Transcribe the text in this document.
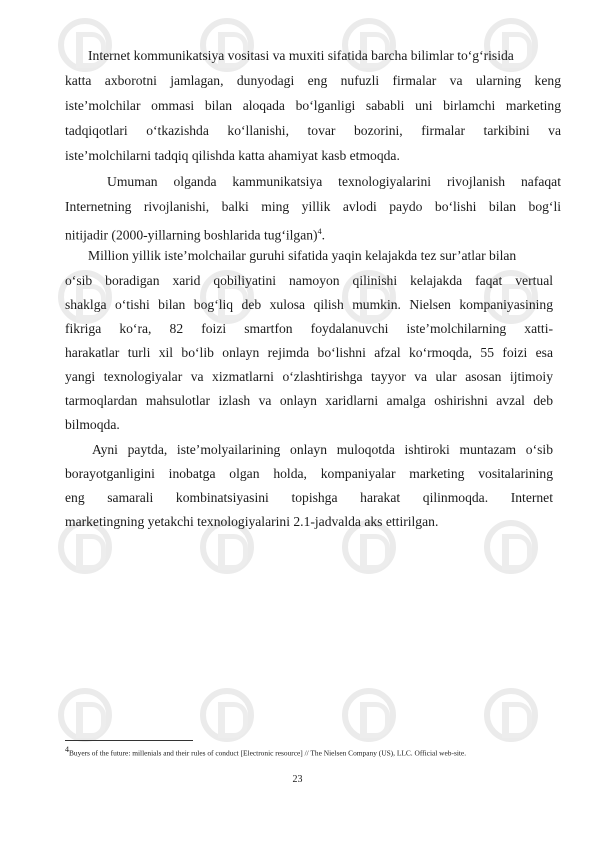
Internet kommunikatsiya vositasi va muxiti sifatida barcha bilimlar to‘g‘risida
katta axborotni jamlagan, dunyodagi eng nufuzli firmalar va ularning keng
iste’molchilar ommasi bilan aloqada bo‘lganligi sababli uni birlamchi marketing
tadqiqotlari o‘tkazishda ko‘llanishi, tovar bozorini, firmalar tarkibini va
iste’molchilarni tadqiq qilishda katta ahamiyat kasb etmoqda.
Umuman olganda kammunikatsiya texnologiyalarini rivojlanish nafaqat
Internetning rivojlanishi, balki ming yillik avlodi paydo bo‘lishi bilan bog‘li
nitijadir (2000-yillarning boshlarida tug‘ilgan)$^4$.
Million yillik iste’molchailar guruhi sifatida yaqin kelajakda tez sur’atlar bilan
o‘sib boradigan xarid qobiliyatini namoyon qilinishi kelajakda faqat vertual
shaklga o‘tishi bilan bog‘liq deb xulosa qilish mumkin. Nielsen kompaniyasining
fikriga ko‘ra, 82 foizi smartfon foydalanuvchi iste’molchilarning xatti-
harakatlar turli xil bo‘lib onlayn rejimda bo‘lishni afzal ko‘rmoqda, 55 foizi esa
yangi texnologiyalar va xizmatlarni o‘zlashtirishga tayyor va ular asosan ijtimoiy
tarmoqlardan mahsulotlar izlash va onlayn xaridlarni amalga oshirishni avzal deb
bilmoqda.
Ayni paytda, iste’molyailarining onlayn muloqotda ishtiroki muntazam o‘sib
borayotganligini inobatga olgan holda, kompaniyalar marketing vositalarining
eng samarali kombinatsiyasini topishga harakat qilinmoqda. Internet
marketingning yetakchi texnologiyalarini 2.1-jadvalda aks ettirilgan.
$^4$Buyers of the future: millenials and their rules of conduct [Electronic resource] // The Nielsen Company (US), LLC. Official web-site.
23
